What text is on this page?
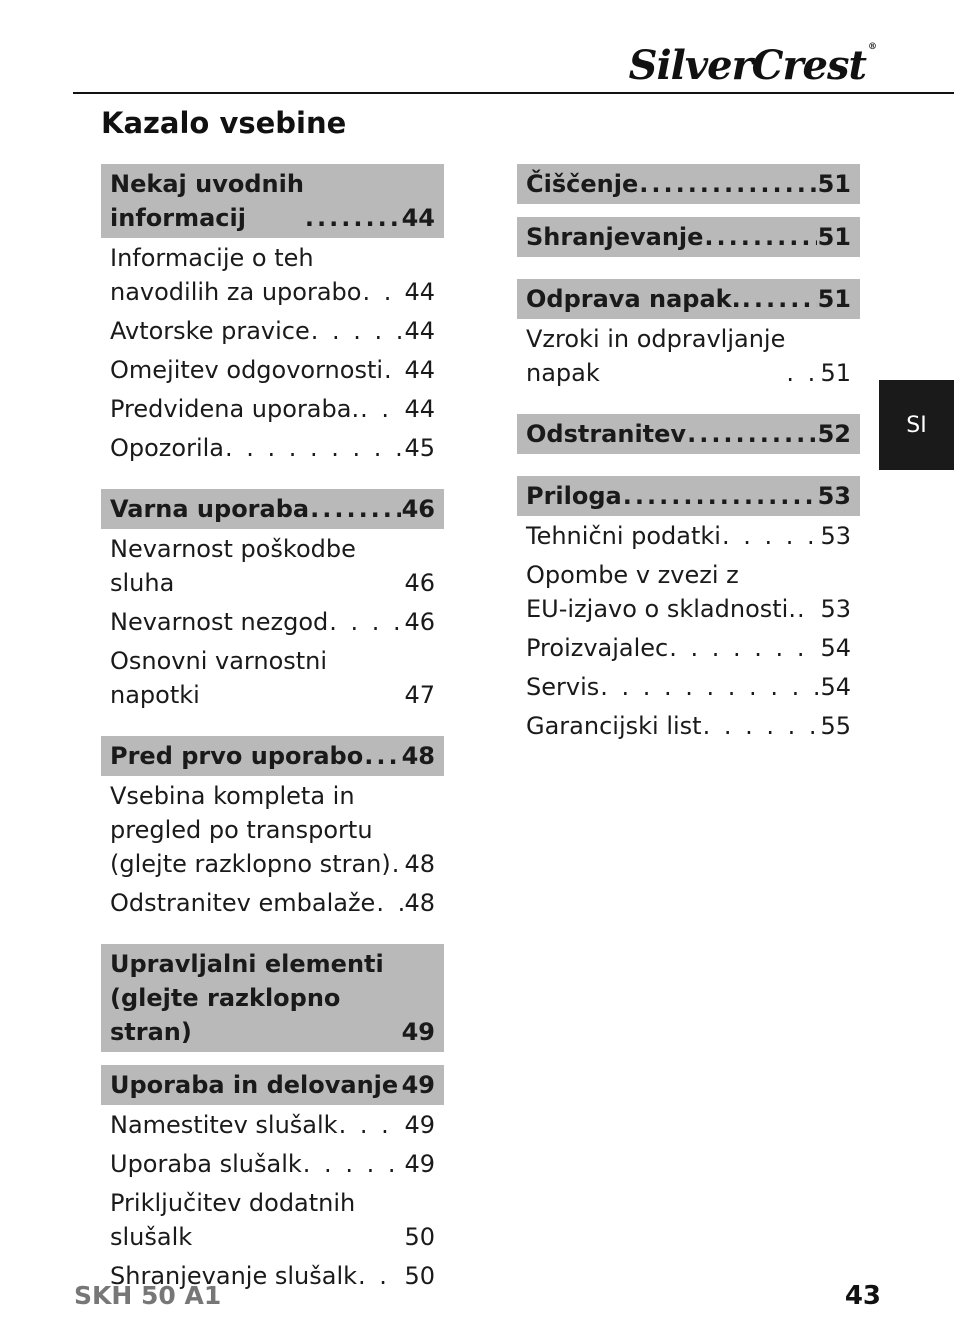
SilverCrest ®
Kazalo vsebine
Nekaj uvodnih
informacij .....	44
Informacije o teh
navodilih za uporabo . . . 44
Avtorske pravice . . .	44
Omejitev odgovornosti . . . 44
Predvidena uporaba. . . . 44
Opozorila . . .	45
Varna uporaba .....	46
Nevarnost poškodbe sluha	46
Nevarnost nezgod . . .	46
Osnovni varnostni napotki	47
Pred prvo uporabo ..... 48
Vsebina kompleta in
pregled po transportu
(glejte razklopno stran) . . . 48
Odstranitev embalaže . . . 48
Upravljalni elementi
(glejte razklopno stran)	49
Uporaba in delovanje ..... 49
Namestitev slušalk . . .	49
Uporaba slušalk . . .	49
Priključitev dodatnih slušalk	50
Shranjevanje slušalk . . . 50
Čiščenje .....	51
Shranjevanje .....	51
Odprava napak. .....	51
Vzroki in odpravljanje
napak . . .	51
Odstranitev .....	52
Priloga .....	53
Tehnični podatki . . .	53
Opombe v zvezi z
EU-izjavo o skladnosti. . . . 53
Proizvajalec . . .	54
Servis . . .	54
Garancijski list . . .	55
SI
SKH 50 A1	43
